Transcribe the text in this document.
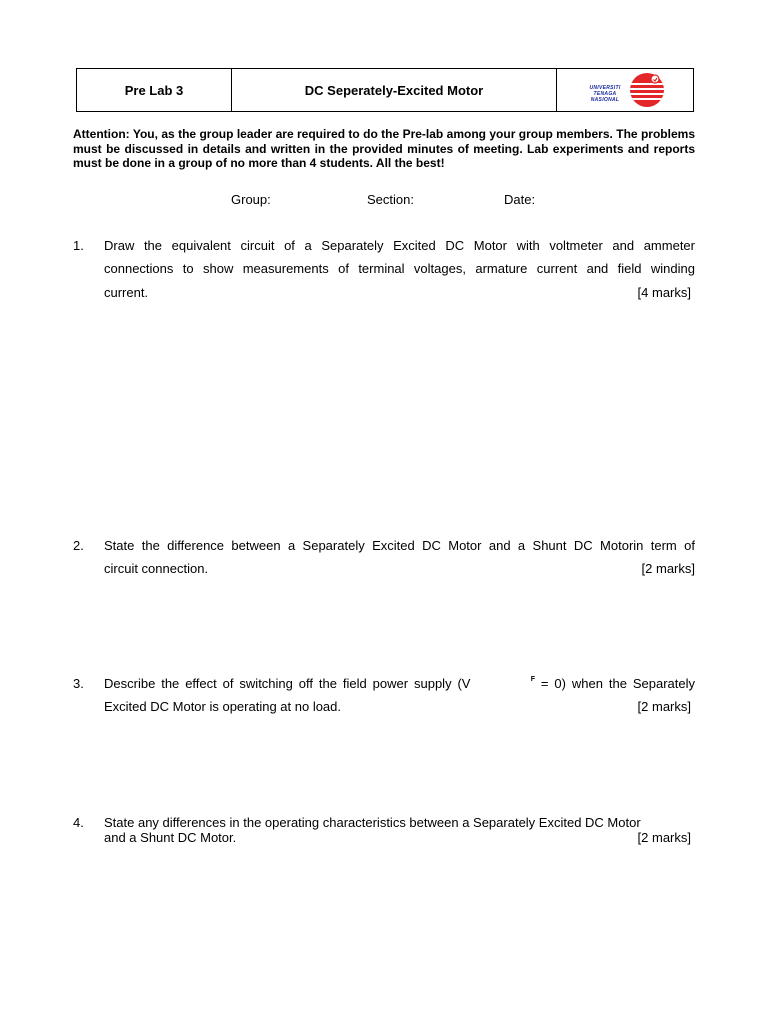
Pre Lab 3	DC Seperately-Excited Motor	UNIVERSITI
TENAGA
NASIONAL
Attention: You, as the group leader are required to do the Pre-lab among your group members. The problems must be discussed in details and written in the provided minutes of meeting. Lab experiments and reports must be done in a group of no more than 4 students. All the best!
Group:	Section:	Date:
1. Draw the equivalent circuit of a Separately Excited DC Motor with voltmeter and ammeter
connections to show measurements of terminal voltages, armature current and field winding
current.	[4 marks]
2. State the difference between a Separately Excited DC Motor and a Shunt DC Motorin term of
circuit connection.	[2 marks]
3. Describe the effect of switching off the field power supply (V	F = 0) when the Separately
Excited DC Motor is operating at no load.	[2 marks]
4. State any differences in the operating characteristics between a Separately Excited DC Motor
and a Shunt DC Motor.	[2 marks]
